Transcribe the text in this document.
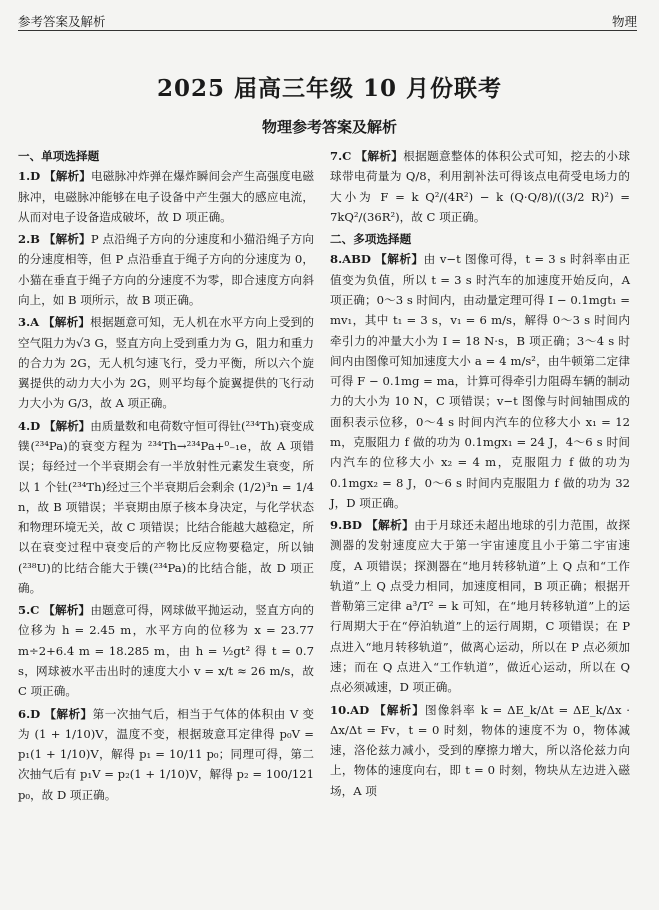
参考答案及解析	物理
2025 届高三年级 10 月份联考
物理参考答案及解析

一、单项选择题

1.D 【解析】电磁脉冲炸弹在爆炸瞬间会产生高强度电磁脉冲，电磁脉冲能够在电子设备中产生强大的感应电流，从而对电子设备造成破坏，故 D 项正确。

2.B 【解析】P 点沿绳子方向的分速度和小猫沿绳子方向的分速度相等，但 P 点沿垂直于绳子方向的分速度为 0，小猫在垂直于绳子方向的分速度不为零，即合速度方向斜向上，如 B 项所示，故 B 项正确。

3.A 【解析】根据题意可知，无人机在水平方向上受到的空气阻力为√3 G，竖直方向上受到重力为 G，阻力和重力的合力为 2G，无人机匀速飞行，受力平衡，所以六个旋翼提供的动力大小为 2G，则平均每个旋翼提供的飞行动力大小为 G/3，故 A 项正确。

4.D 【解析】由质量数和电荷数守恒可得钍(²³⁴Th)衰变成镤(²³⁴Pa)的衰变方程为 ²³⁴Th→²³⁴Pa+⁰₋₁e，故 A 项错误；每经过一个半衰期会有一半放射性元素发生衰变，所以 1 个钍(²³⁴Th)经过三个半衰期后会剩余 (1/2)³n = 1/4 n，故 B 项错误；半衰期由原子核本身决定，与化学状态和物理环境无关，故 C 项错误；比结合能越大越稳定，所以在衰变过程中衰变后的产物比反应物要稳定，所以铀(²³⁸U)的比结合能大于镤(²³⁴Pa)的比结合能，故 D 项正确。

5.C 【解析】由题意可得，网球做平抛运动，竖直方向的位移为 h = 2.45 m，水平方向的位移为 x = 23.77 m÷2+6.4 m = 18.285 m，由 h = ½gt² 得 t = 0.7 s，网球被水平击出时的速度大小 v = x/t ≈ 26 m/s，故 C 项正确。

6.D 【解析】第一次抽气后，相当于气体的体积由 V 变为 (1 + 1/10)V，温度不变，根据玻意耳定律得 p₀V = p₁(1 + 1/10)V，解得 p₁ = 10/11 p₀；同理可得，第二次抽气后有 p₁V = p₂(1 + 1/10)V，解得 p₂ = 100/121 p₀，故 D 项正确。

7.C 【解析】根据题意整体的体积公式可知，挖去的小球球带电荷量为 Q/8，利用割补法可得该点电荷受电场力的大小为 F = k Q²/(4R²) − k (Q·Q/8)/((3/2 R)²) = 7kQ²/(36R²)，故 C 项正确。

二、多项选择题

8.ABD 【解析】由 v−t 图像可得，t = 3 s 时斜率由正值变为负值，所以 t = 3 s 时汽车的加速度开始反向，A 项正确；0～3 s 时间内，由动量定理可得 I − 0.1mgt₁ = mv₁，其中 t₁ = 3 s，v₁ = 6 m/s，解得 0～3 s 时间内牵引力的冲量大小为 I = 18 N·s，B 项正确；3～4 s 时间内由图像可知加速度大小 a = 4 m/s²，由牛顿第二定律可得 F − 0.1mg = ma，计算可得牵引力阻碍车辆的制动力的大小为 10 N，C 项错误；v−t 图像与时间轴围成的面积表示位移，0～4 s 时间内汽车的位移大小 x₁ = 12 m，克服阻力 f 做的功为 0.1mgx₁ = 24 J，4～6 s 时间内汽车的位移大小 x₂ = 4 m，克服阻力 f 做的功为 0.1mgx₂ = 8 J，0～6 s 时间内克服阻力 f 做的功为 32 J，D 项正确。

9.BD 【解析】由于月球还未超出地球的引力范围，故探测器的发射速度应大于第一宇宙速度且小于第二宇宙速度，A 项错误；探测器在“地月转移轨道”上 Q 点和“工作轨道”上 Q 点受力相同，加速度相同，B 项正确；根据开普勒第三定律 a³/T² = k 可知，在“地月转移轨道”上的运行周期大于在“停泊轨道”上的运行周期，C 项错误；在 P 点进入“地月转移轨道”，做离心运动，所以在 P 点必须加速；而在 Q 点进入“工作轨道”，做近心运动，所以在 Q 点必须减速，D 项正确。

10.AD 【解析】图像斜率 k = ΔE_k/Δt = ΔE_k/Δx · Δx/Δt = Fv，t = 0 时刻，物体的速度不为 0，物体减速，洛伦兹力减小，受到的摩擦力增大，所以洛伦兹力向上，物体的速度向右，即 t = 0 时刻，物块从左边进入磁场，A 项
